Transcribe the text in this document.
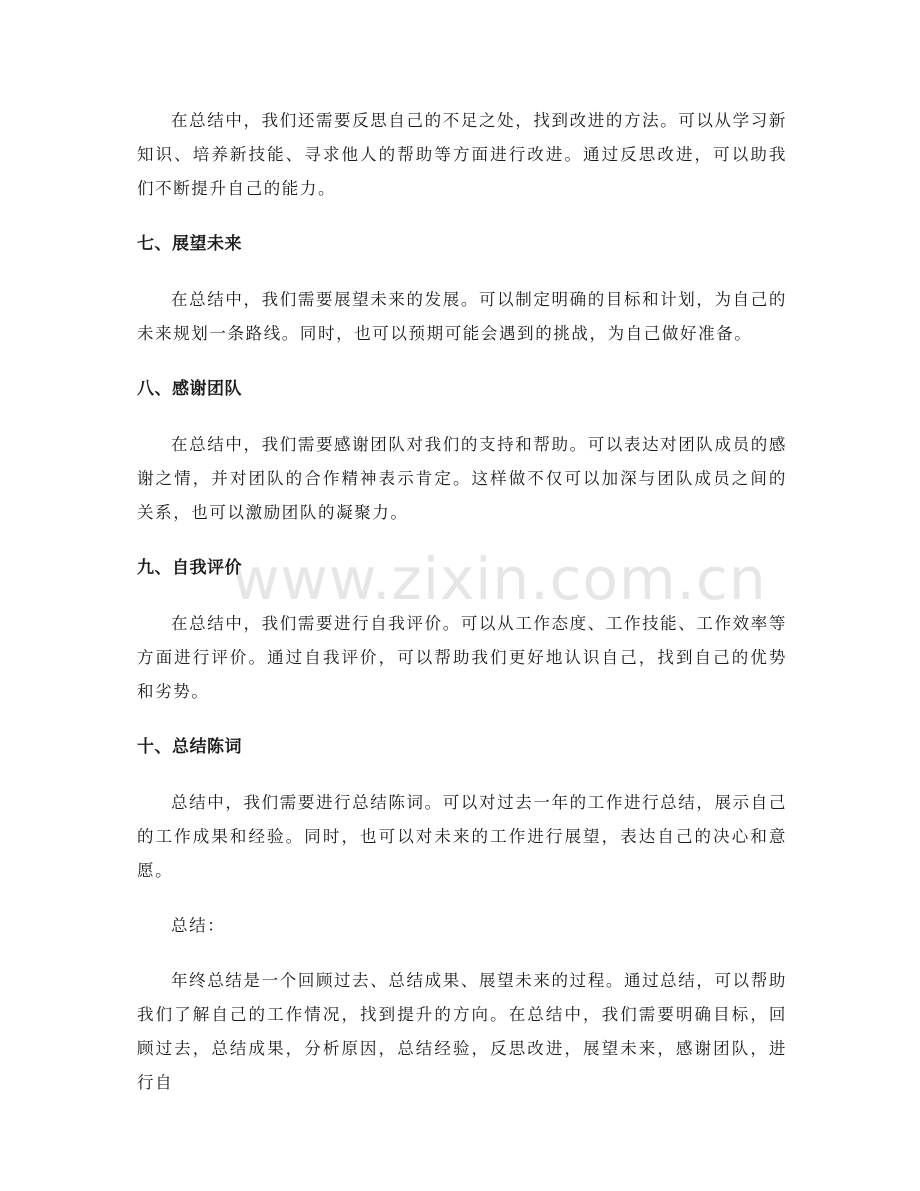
www.zixin.com.cn

在总结中，我们还需要反思自己的不足之处，找到改进的方法。可以从学习新知识、培养新技能、寻求他人的帮助等方面进行改进。通过反思改进，可以助我们不断提升自己的能力。

七、展望未来

在总结中，我们需要展望未来的发展。可以制定明确的目标和计划，为自己的未来规划一条路线。同时，也可以预期可能会遇到的挑战，为自己做好准备。

八、感谢团队

在总结中，我们需要感谢团队对我们的支持和帮助。可以表达对团队成员的感谢之情，并对团队的合作精神表示肯定。这样做不仅可以加深与团队成员之间的关系，也可以激励团队的凝聚力。

九、自我评价

在总结中，我们需要进行自我评价。可以从工作态度、工作技能、工作效率等方面进行评价。通过自我评价，可以帮助我们更好地认识自己，找到自己的优势和劣势。

十、总结陈词

总结中，我们需要进行总结陈词。可以对过去一年的工作进行总结，展示自己的工作成果和经验。同时，也可以对未来的工作进行展望，表达自己的决心和意愿。

总结：

年终总结是一个回顾过去、总结成果、展望未来的过程。通过总结，可以帮助我们了解自己的工作情况，找到提升的方向。在总结中，我们需要明确目标，回顾过去，总结成果，分析原因，总结经验，反思改进，展望未来，感谢团队，进行自
